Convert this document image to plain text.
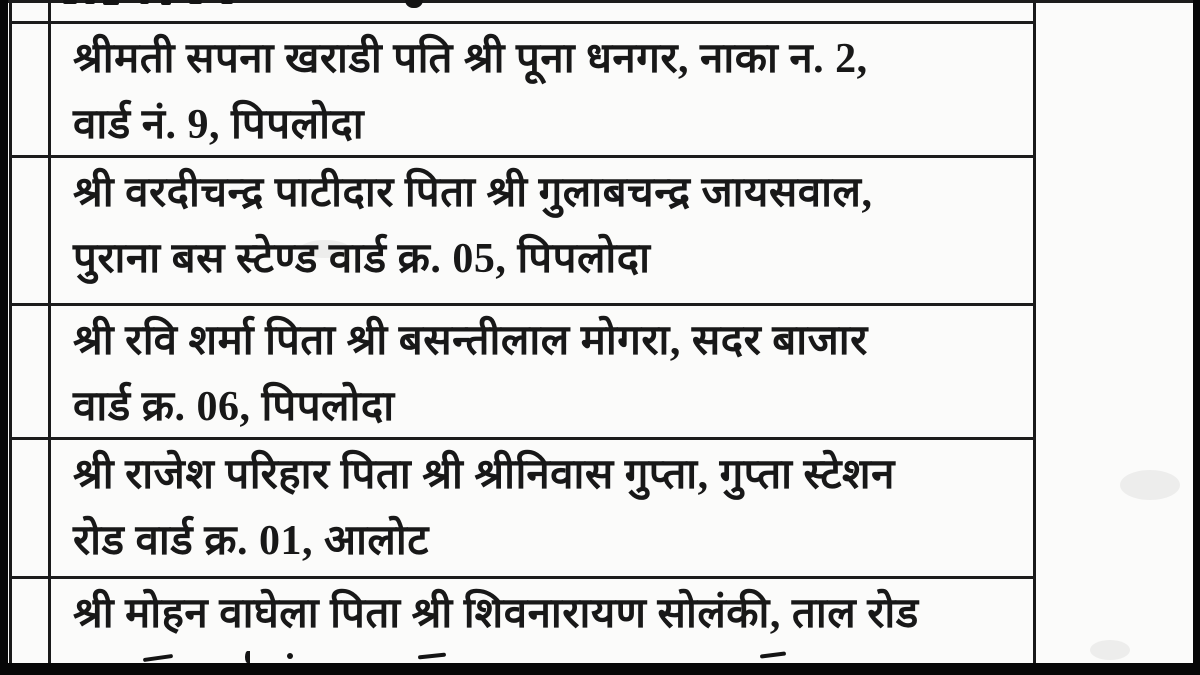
श्रीमती सपना खराडी पति श्री पूना धनगर, नाका न. 2,
वार्ड नं. 9, पिपलोदा
श्री वरदीचन्द्र पाटीदार पिता श्री गुलाबचन्द्र जायसवाल,
पुराना बस स्टेण्ड वार्ड क्र. 05, पिपलोदा
श्री रवि शर्मा पिता श्री बसन्तीलाल मोगरा, सदर बाजार
वार्ड क्र. 06, पिपलोदा
श्री राजेश परिहार पिता श्री श्रीनिवास गुप्ता, गुप्ता स्टेशन
रोड वार्ड क्र. 01, आलोट
श्री मोहन वाघेला पिता श्री शिवनारायण सोलंकी, ताल रोड
